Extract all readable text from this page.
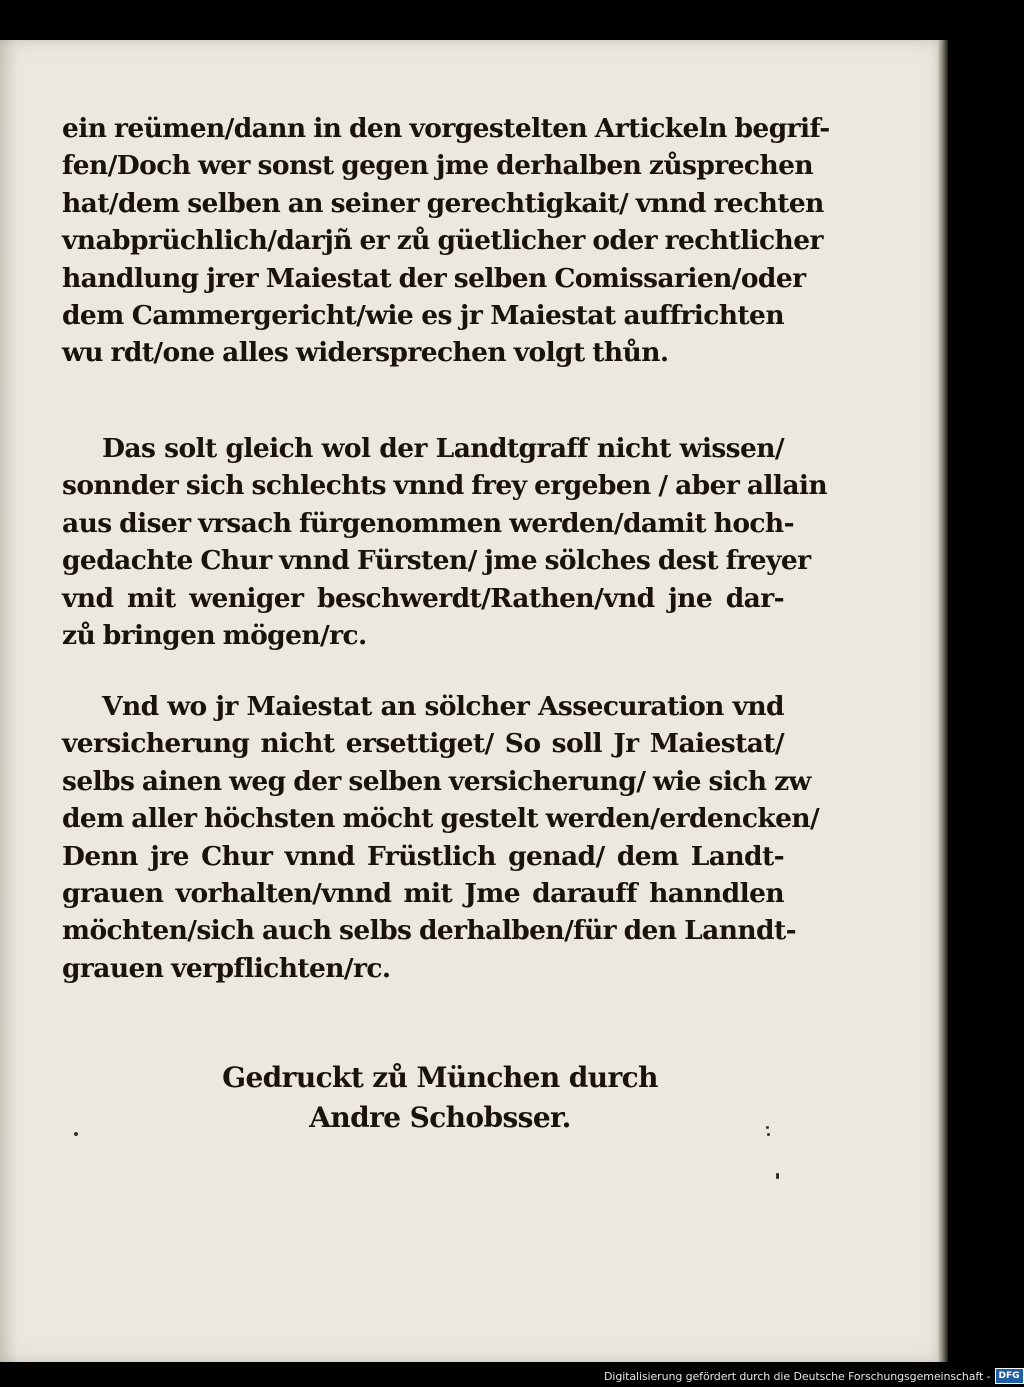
ein reümen/dann in den vorgestelten Artickeln begrif-
fen/Doch wer sonst gegen jme derhalben zůsprechen
hat/dem selben an seiner gerechtigkait/ vnnd rechten
vnabprüchlich/darjñ er zů güetlicher oder rechtlicher
handlung jrer Maiestat der selben Comissarien/oder
dem Cammergericht/wie es jr Maiestat auffrichten
wu rdt/one alles widersprechen volgt thůn.
Das solt gleich wol der Landtgraff nicht wissen/
sonnder sich schlechts vnnd frey ergeben / aber allain
aus diser vrsach fürgenommen werden/damit hoch-
gedachte Chur vnnd Fürsten/ jme sölches dest freyer
vnd mit weniger beschwerdt/Rathen/vnd jne dar-
zů bringen mögen/rc.
Vnd wo jr Maiestat an sölcher Assecuration vnd
versicherung nicht ersettiget/ So soll Jr Maiestat/
selbs ainen weg der selben versicherung/ wie sich zw
dem aller höchsten möcht gestelt werden/erdencken/
Denn jre Chur vnnd Früstlich genad/ dem Landt-
grauen vorhalten/vnnd mit Jme darauff hanndlen
möchten/sich auch selbs derhalben/für den Lanndt-
grauen verpflichten/rc.
Gedruckt zů München durch
Andre Schobsser.
Digitalisierung gefördert durch die Deutsche Forschungsgemeinschaft - DFG
